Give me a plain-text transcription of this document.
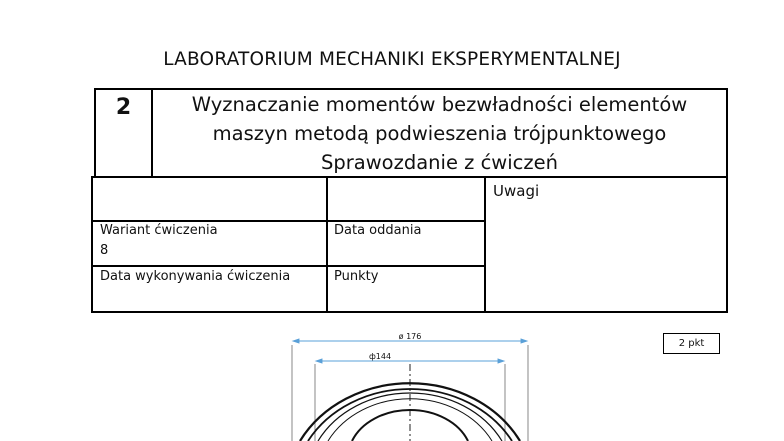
LABORATORIUM MECHANIKI EKSPERYMENTALNEJ
2	Wyznaczanie momentów bezwładności elementów
maszyn metodą podwieszenia trójpunktowego
Sprawozdanie z ćwiczeń
Wariant ćwiczenia
8
Data oddania
Data wykonywania ćwiczenia	Punkty
Uwagi
2 pkt
ø 176
ф144
